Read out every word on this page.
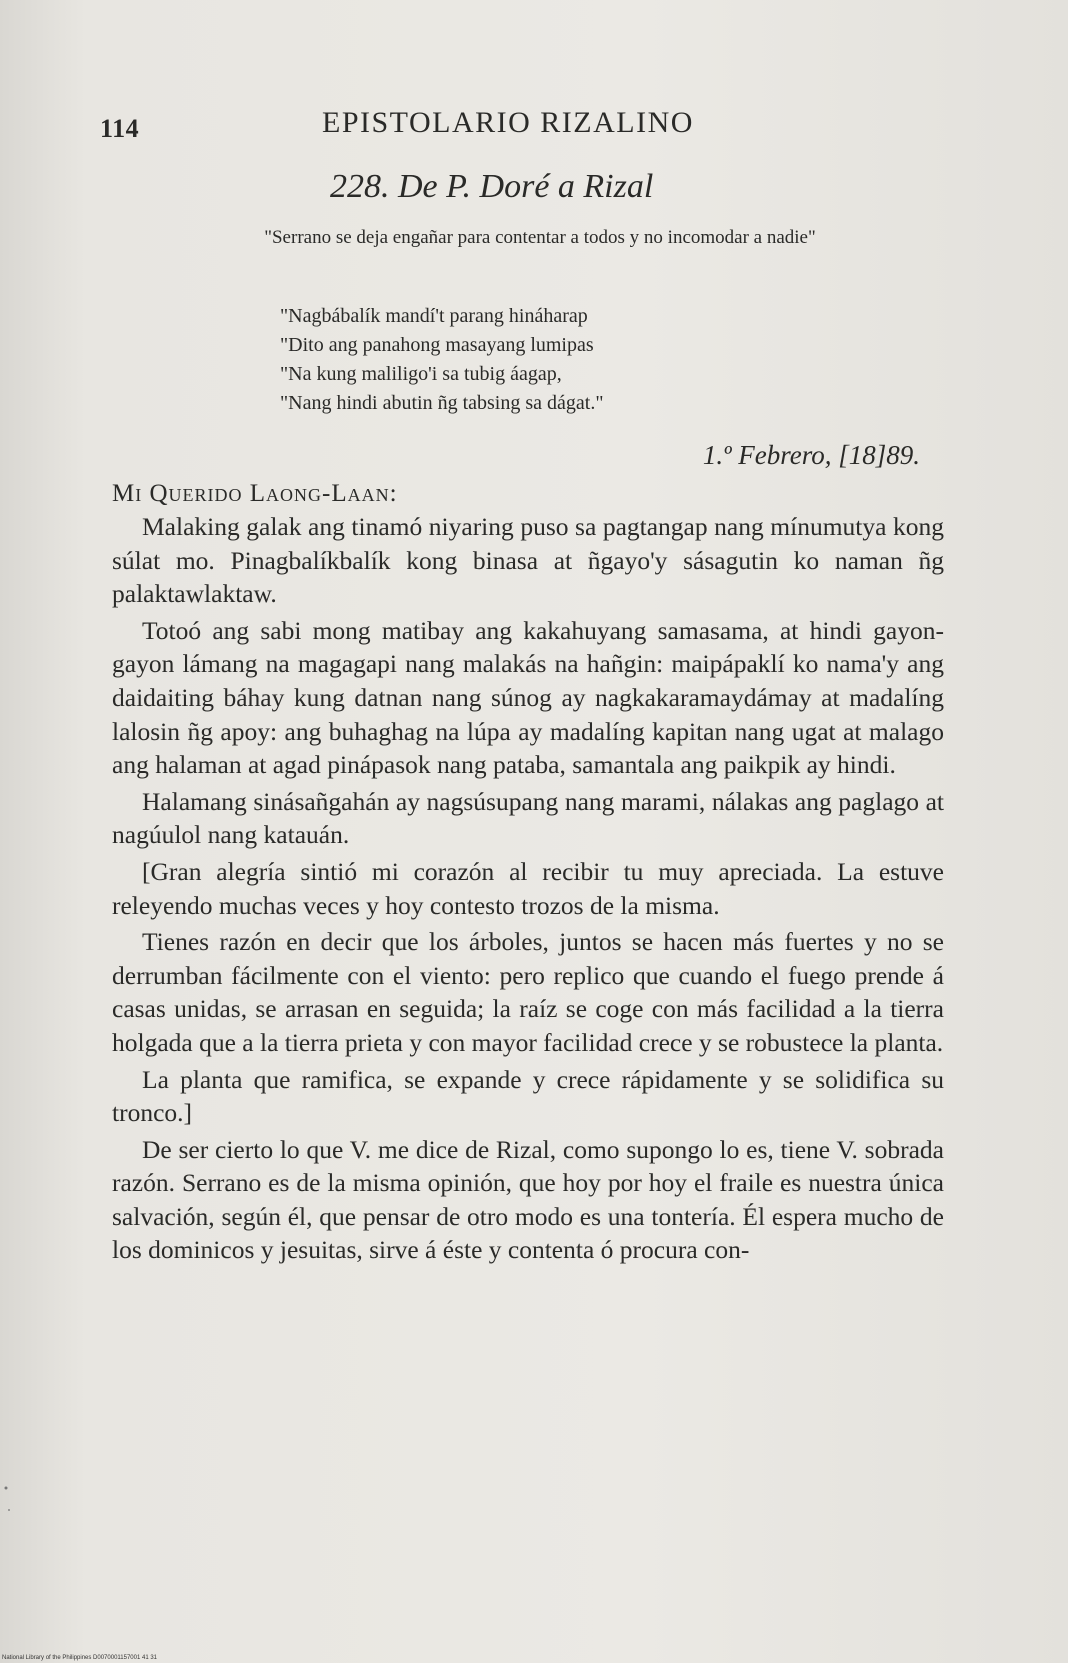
114	EPISTOLARIO RIZALINO
228. De P. Doré a Rizal
"Serrano se deja engañar para contentar a todos y no incomodar a nadie"
"Nagbábalík mandí't parang hináharap
"Dito ang panahong masayang lumipas
"Na kung maliligo'i sa tubig áagap,
"Nang hindi abutin ñg tabsing sa dágat."
1.º Febrero, [18]89.
Mi Querido Laong-Laan:

Malaking galak ang tinamó niyaring puso sa pagtangap nang mínumutya kong súlat mo. Pinagbalíkbalík kong binasa at ñgayo'y sásagutin ko naman ñg palaktawlaktaw.

Totoó ang sabi mong matibay ang kakahuyang samasama, at hindi gayon-gayon lámang na magagapi nang malakás na hañgin: maipápaklí ko nama'y ang daidaiting báhay kung datnan nang súnog ay nagkakaramaydámay at madalíng lalosin ñg apoy: ang buhaghag na lúpa ay madalíng kapitan nang ugat at malago ang halaman at agad pinápasok nang pataba, samantala ang paikpik ay hindi.

Halamang sinásañgahán ay nagsúsupang nang marami, nálakas ang paglago at nagúulol nang katauán.

[Gran alegría sintió mi corazón al recibir tu muy apreciada. La estuve releyendo muchas veces y hoy contesto trozos de la misma.

Tienes razón en decir que los árboles, juntos se hacen más fuertes y no se derrumban fácilmente con el viento: pero replico que cuando el fuego prende á casas unidas, se arrasan en seguida; la raíz se coge con más facilidad a la tierra holgada que a la tierra prieta y con mayor facilidad crece y se robustece la planta.

La planta que ramifica, se expande y crece rápidamente y se solidifica su tronco.]

De ser cierto lo que V. me dice de Rizal, como supongo lo es, tiene V. sobrada razón. Serrano es de la misma opinión, que hoy por hoy el fraile es nuestra única salvación, según él, que pensar de otro modo es una tontería. Él espera mucho de los dominicos y jesuitas, sirve á éste y contenta ó procura con-

National Library of the Philippines D0070001157001 41 31
